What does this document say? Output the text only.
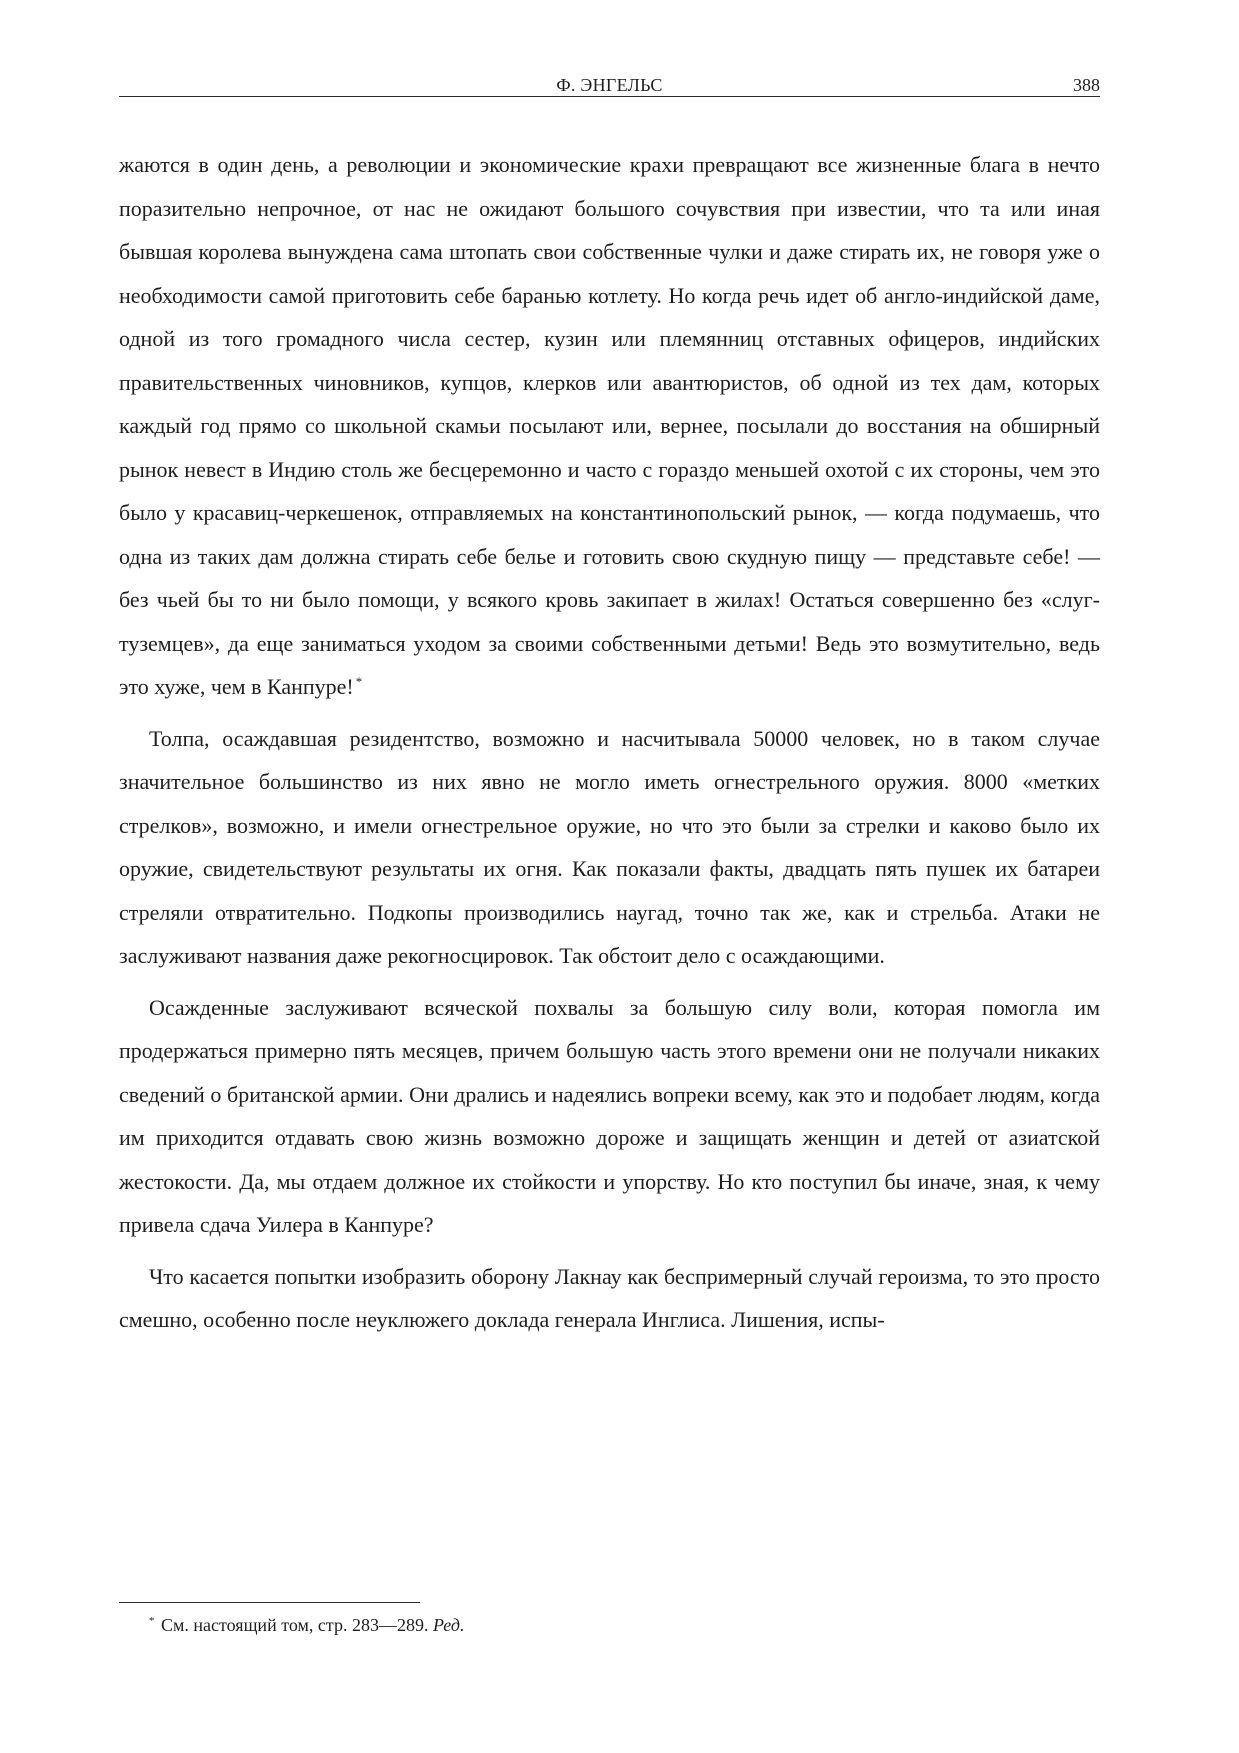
Ф. ЭНГЕЛЬС	388

жаются в один день, а революции и экономические крахи превращают все жизненные блага в нечто поразительно непрочное, от нас не ожидают большого сочувствия при известии, что та или иная бывшая королева вынуждена сама штопать свои собственные чулки и даже стирать их, не говоря уже о необходимости самой приготовить себе баранью котлету. Но когда речь идет об англо-индийской даме, одной из того громадного числа сестер, кузин или племянниц отставных офицеров, индийских правительственных чиновников, купцов, клерков или авантюристов, об одной из тех дам, которых каждый год прямо со школьной скамьи посылают или, вернее, посылали до восстания на обширный рынок невест в Индию столь же бесцеремонно и часто с гораздо меньшей охотой с их стороны, чем это было у красавиц-черкешенок, отправляемых на константинопольский рынок, — когда подумаешь, что одна из таких дам должна стирать себе белье и готовить свою скудную пищу — представьте себе! — без чьей бы то ни было помощи, у всякого кровь закипает в жилах! Остаться совершенно без «слуг-туземцев», да еще заниматься уходом за своими собственными детьми! Ведь это возмутительно, ведь это хуже, чем в Канпуре! *

Толпа, осаждавшая резидентство, возможно и насчитывала 50000 человек, но в таком случае значительное большинство из них явно не могло иметь огнестрельного оружия. 8000 «метких стрелков», возможно, и имели огнестрельное оружие, но что это были за стрелки и каково было их оружие, свидетельствуют результаты их огня. Как показали факты, двадцать пять пушек их батареи стреляли отвратительно. Подкопы производились наугад, точно так же, как и стрельба. Атаки не заслуживают названия даже рекогносцировок. Так обстоит дело с осаждающими.

Осажденные заслуживают всяческой похвалы за большую силу воли, которая помогла им продержаться примерно пять месяцев, причем большую часть этого времени они не получали никаких сведений о британской армии. Они дрались и надеялись вопреки всему, как это и подобает людям, когда им приходится отдавать свою жизнь возможно дороже и защищать женщин и детей от азиатской жестокости. Да, мы отдаем должное их стойкости и упорству. Но кто поступил бы иначе, зная, к чему привела сдача Уилера в Канпуре?

Что касается попытки изобразить оборону Лакнау как беспримерный случай героизма, то это просто смешно, особенно после неуклюжего доклада генерала Инглиса. Лишения, испы-

* См. настоящий том, стр. 283—289. Ред.
